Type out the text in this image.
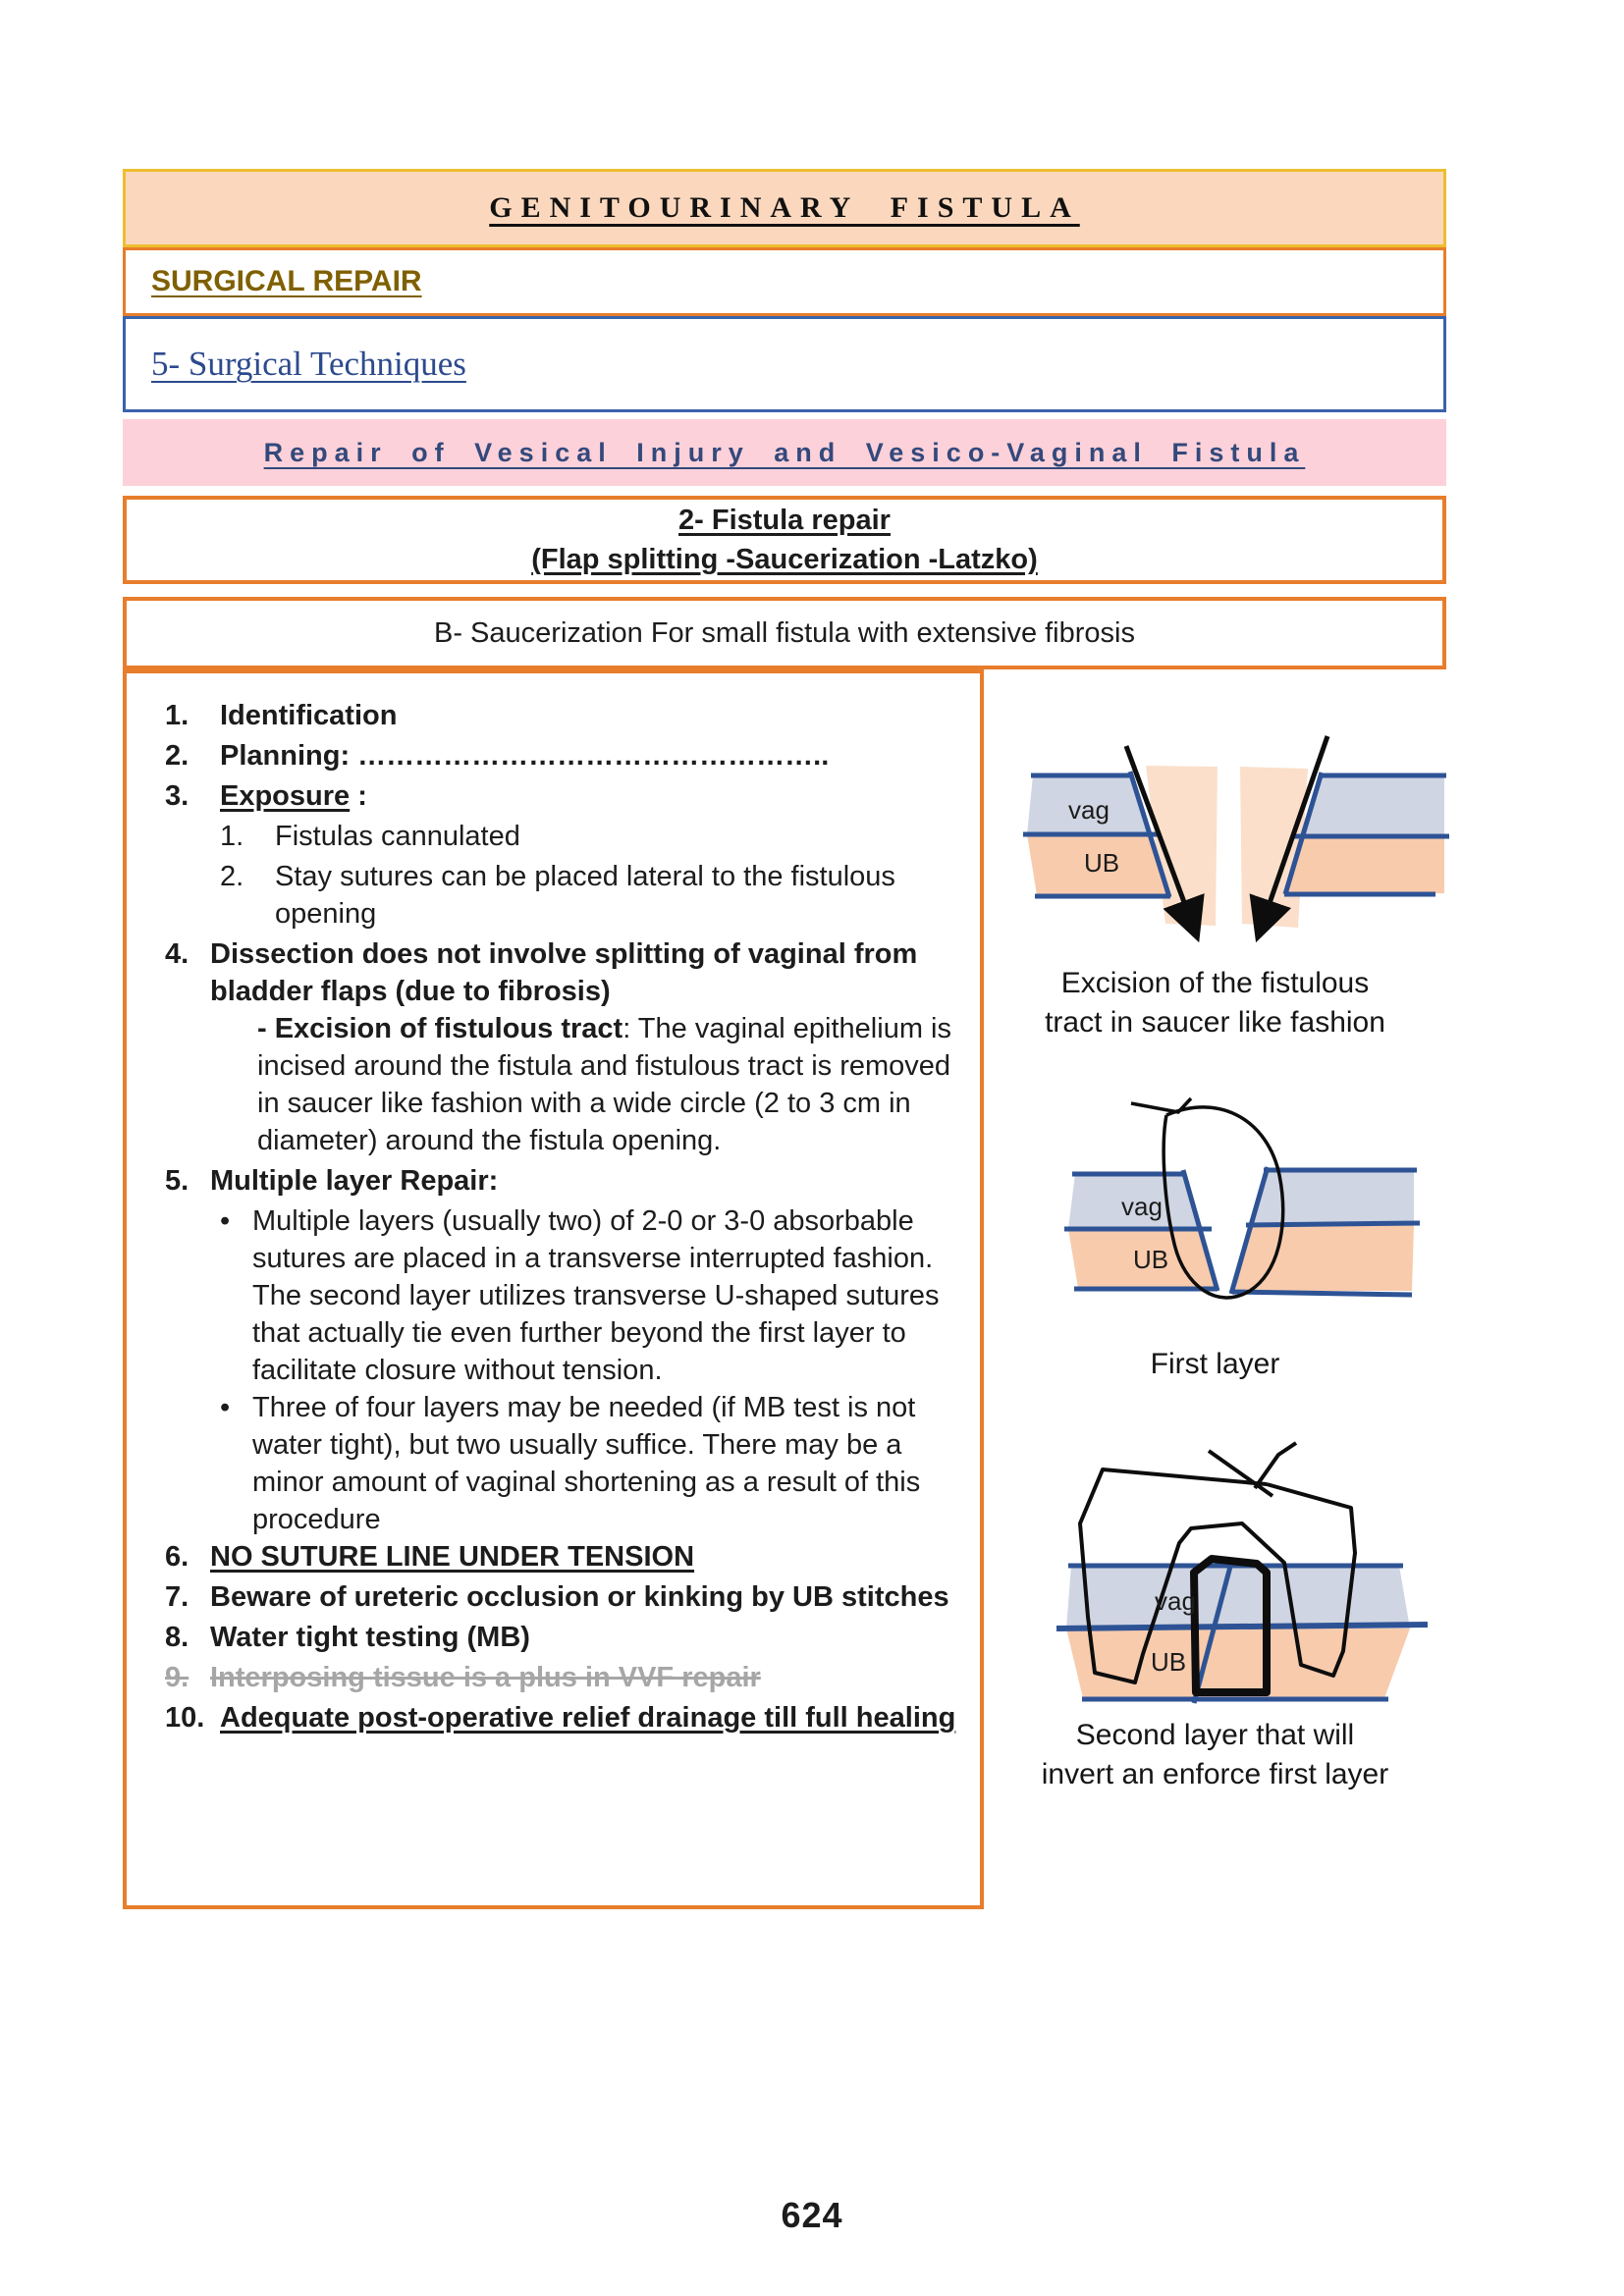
GENITOURINARY FISTULA
SURGICAL REPAIR
5- Surgical Techniques
Repair of Vesical Injury and Vesico-Vaginal Fistula
2- Fistula repair
(Flap splitting -Saucerization -Latzko)
B- Saucerization For small fistula with extensive fibrosis
1.	Identification
2.	Planning: …………………………………………..
3.	Exposure :
1.	Fistulas cannulated
2.	Stay sutures can be placed lateral to the fistulous opening
4. Dissection does not involve splitting of vaginal from bladder flaps (due to fibrosis)
- Excision of fistulous tract: The vaginal epithelium is incised around the fistula and fistulous tract is removed in saucer like fashion with a wide circle (2 to 3 cm in diameter) around the fistula opening.
5. Multiple layer Repair:
• Multiple layers (usually two) of 2-0 or 3-0 absorbable sutures are placed in a transverse interrupted fashion. The second layer utilizes transverse U-shaped sutures that actually tie even further beyond the first layer to facilitate closure without tension.
• Three of four layers may be needed (if MB test is not water tight), but two usually suffice. There may be a minor amount of vaginal shortening as a result of this procedure
6. NO SUTURE LINE UNDER TENSION
7. Beware of ureteric occlusion or kinking by UB stitches
8. Water tight testing (MB)
9. Interposing tissue is a plus in VVF repair
10. Adequate post-operative relief drainage till full healing
vag
UB
Excision of the fistulous
tract in saucer like fashion
vag
UB
First layer
vag
UB
Second layer that will
invert an enforce first layer
624
